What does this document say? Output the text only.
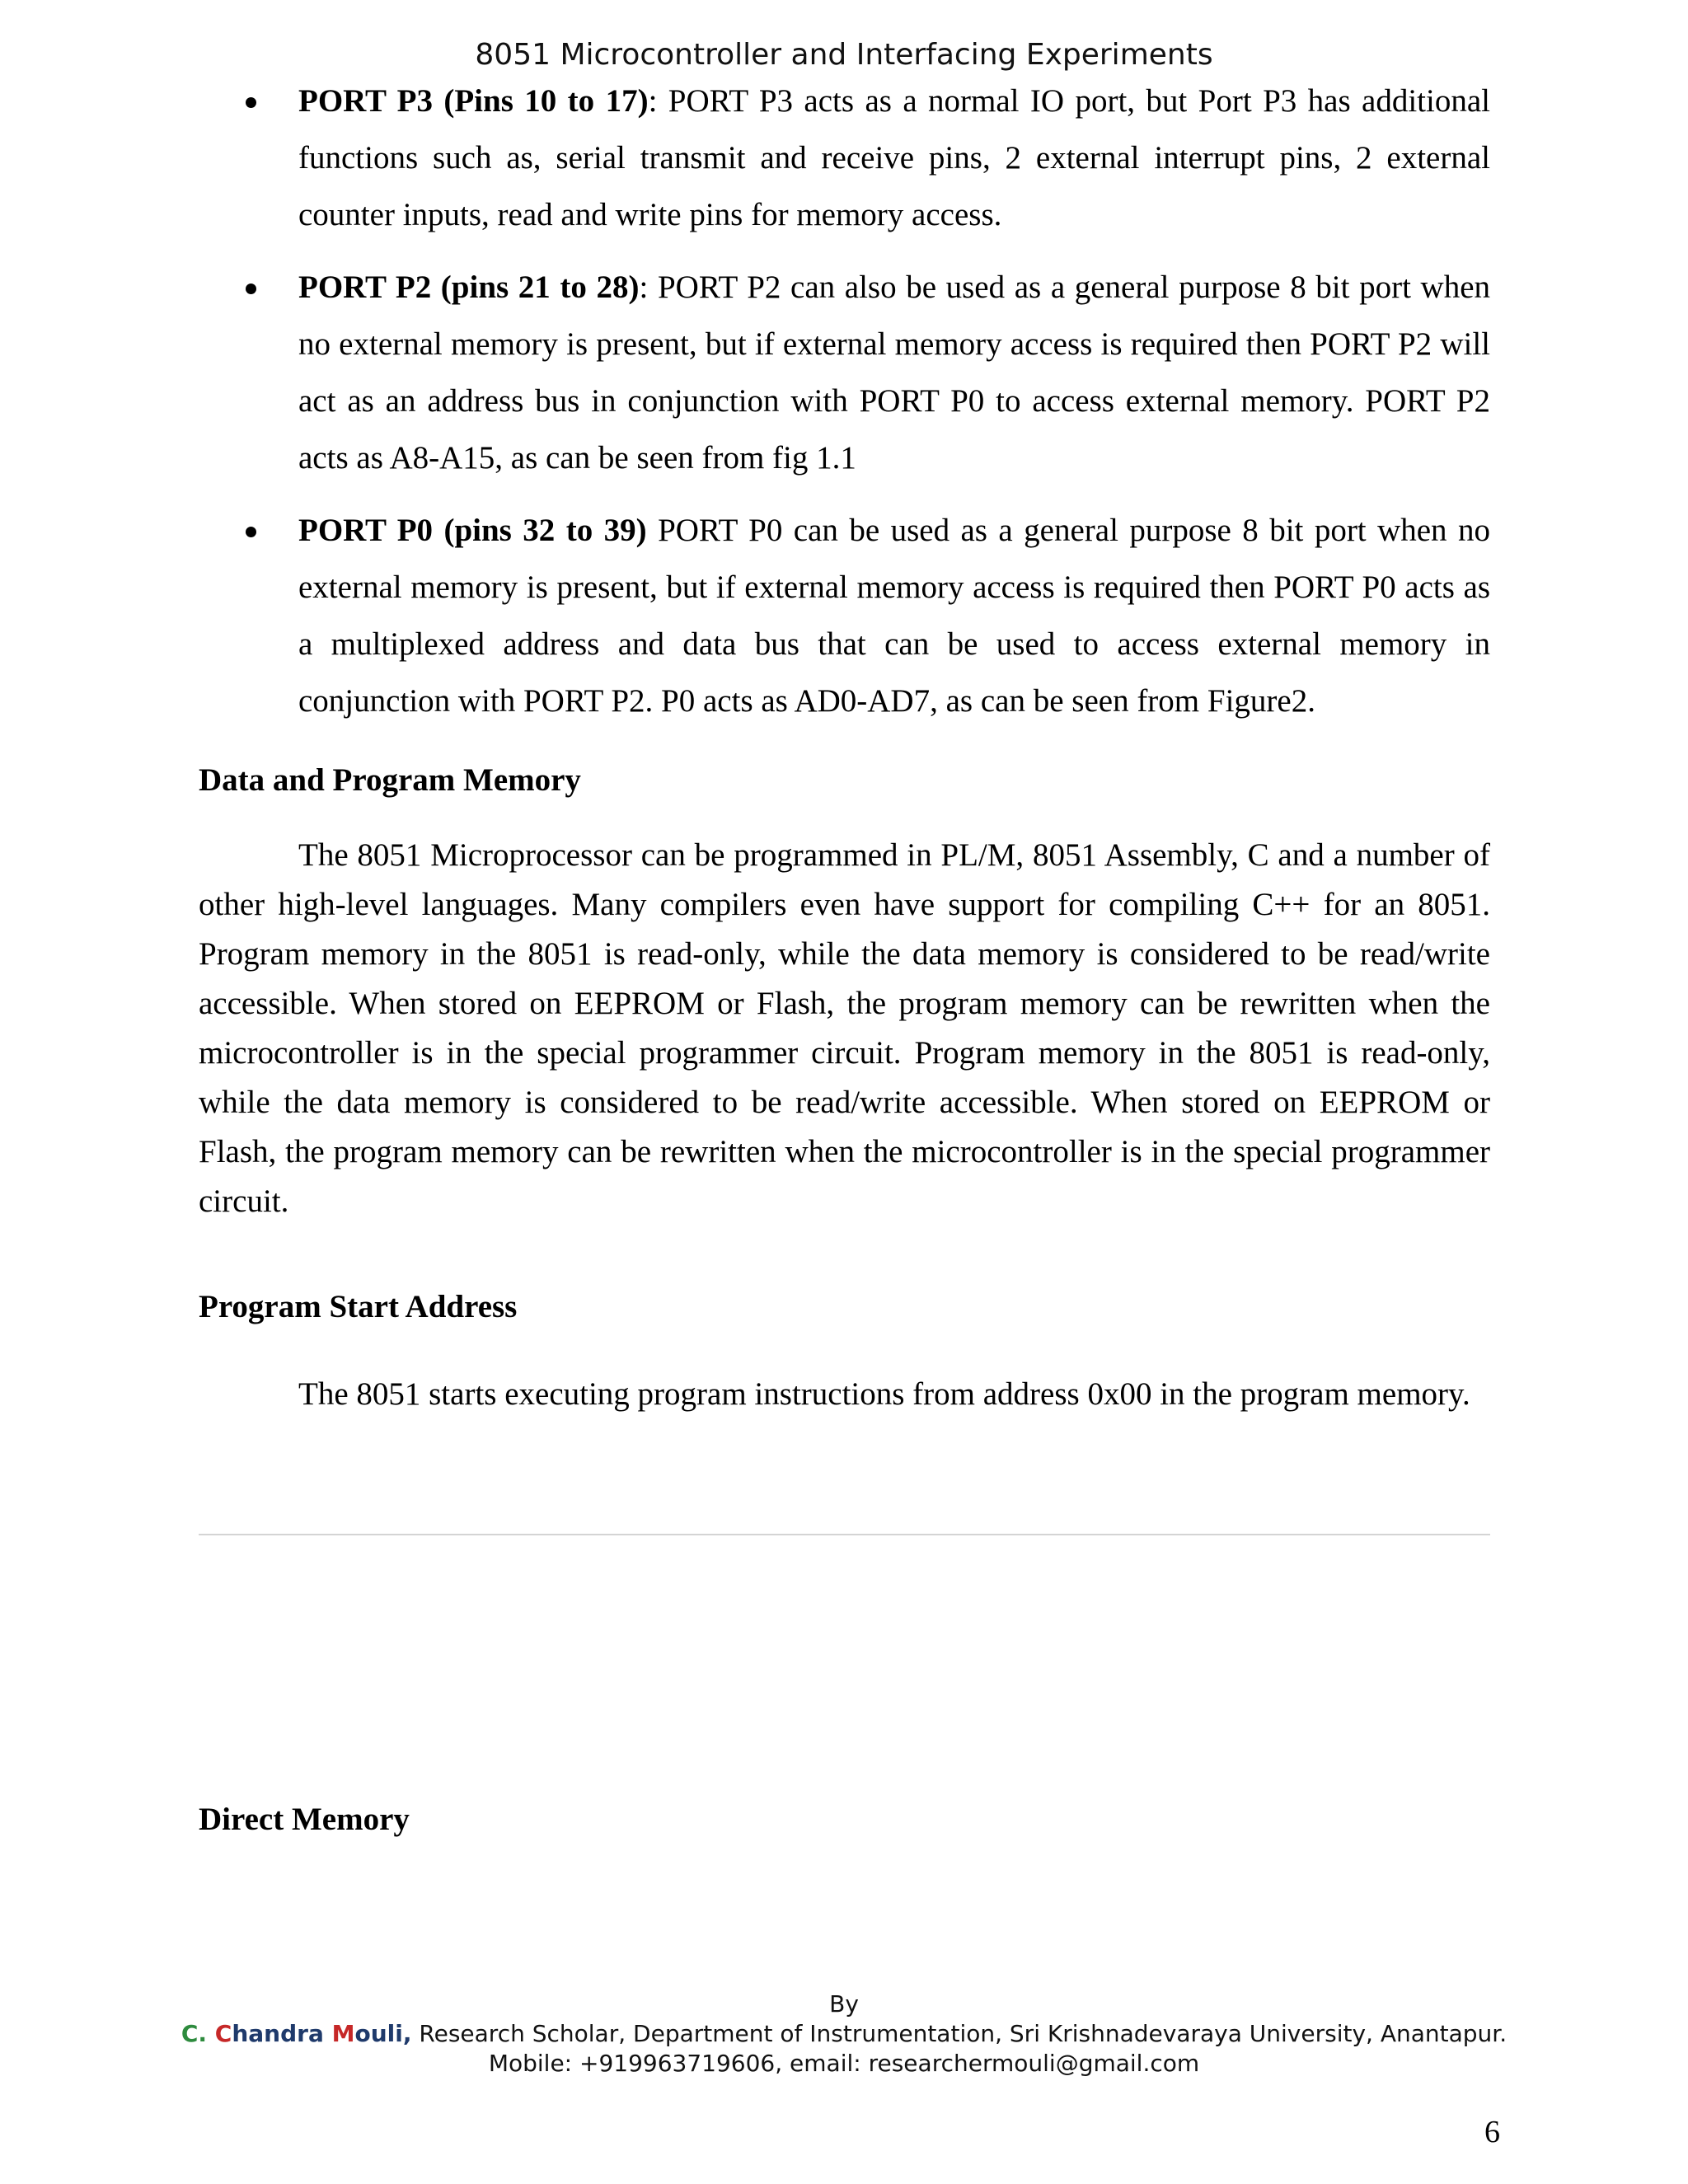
8051 Microcontroller and Interfacing Experiments
PORT P3 (Pins 10 to 17): PORT P3 acts as a normal IO port, but Port P3 has additional functions such as, serial transmit and receive pins, 2 external interrupt pins, 2 external counter inputs, read and write pins for memory access.
PORT P2 (pins 21 to 28): PORT P2 can also be used as a general purpose 8 bit port when no external memory is present, but if external memory access is required then PORT P2 will act as an address bus in conjunction with PORT P0 to access external memory. PORT P2 acts as A8-A15, as can be seen from fig 1.1
PORT P0 (pins 32 to 39) PORT P0 can be used as a general purpose 8 bit port when no external memory is present, but if external memory access is required then PORT P0 acts as a multiplexed address and data bus that can be used to access external memory in conjunction with PORT P2. P0 acts as AD0-AD7, as can be seen from Figure2.
Data and Program Memory
The 8051 Microprocessor can be programmed in PL/M, 8051 Assembly, C and a number of other high-level languages. Many compilers even have support for compiling C++ for an 8051. Program memory in the 8051 is read-only, while the data memory is considered to be read/write accessible. When stored on EEPROM or Flash, the program memory can be rewritten when the microcontroller is in the special programmer circuit. Program memory in the 8051 is read-only, while the data memory is considered to be read/write accessible. When stored on EEPROM or Flash, the program memory can be rewritten when the microcontroller is in the special programmer circuit.
Program Start Address
The 8051 starts executing program instructions from address 0x00 in the program memory.
Direct Memory
By
C. Chandra Mouli, Research Scholar, Department of Instrumentation, Sri Krishnadevaraya University, Anantapur.
Mobile: +919963719606, email: researchermouli@gmail.com
6
